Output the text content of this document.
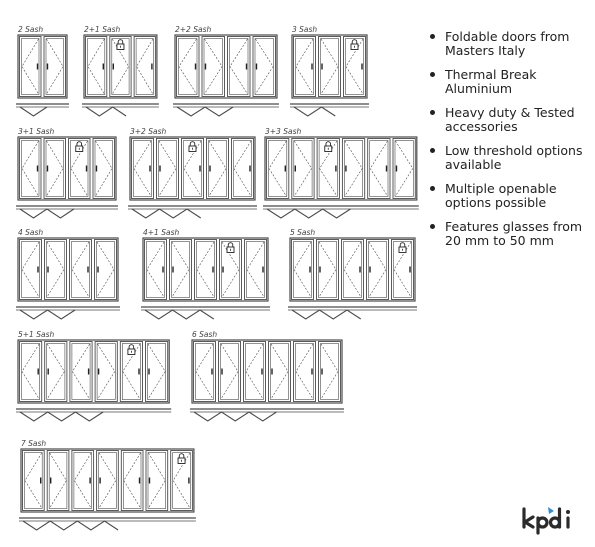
2 Sash	2+1 Sash	2+2 Sash	3 Sash
3+1 Sash	3+2 Sash	3+3 Sash
4 Sash	4+1 Sash	5 Sash
5+1 Sash	6 Sash
7 Sash
Foldable doors from Masters Italy
Thermal Break Aluminium
Heavy duty & Tested accessories
Low threshold options available
Multiple openable options possible
Features glasses from 20 mm to 50 mm
